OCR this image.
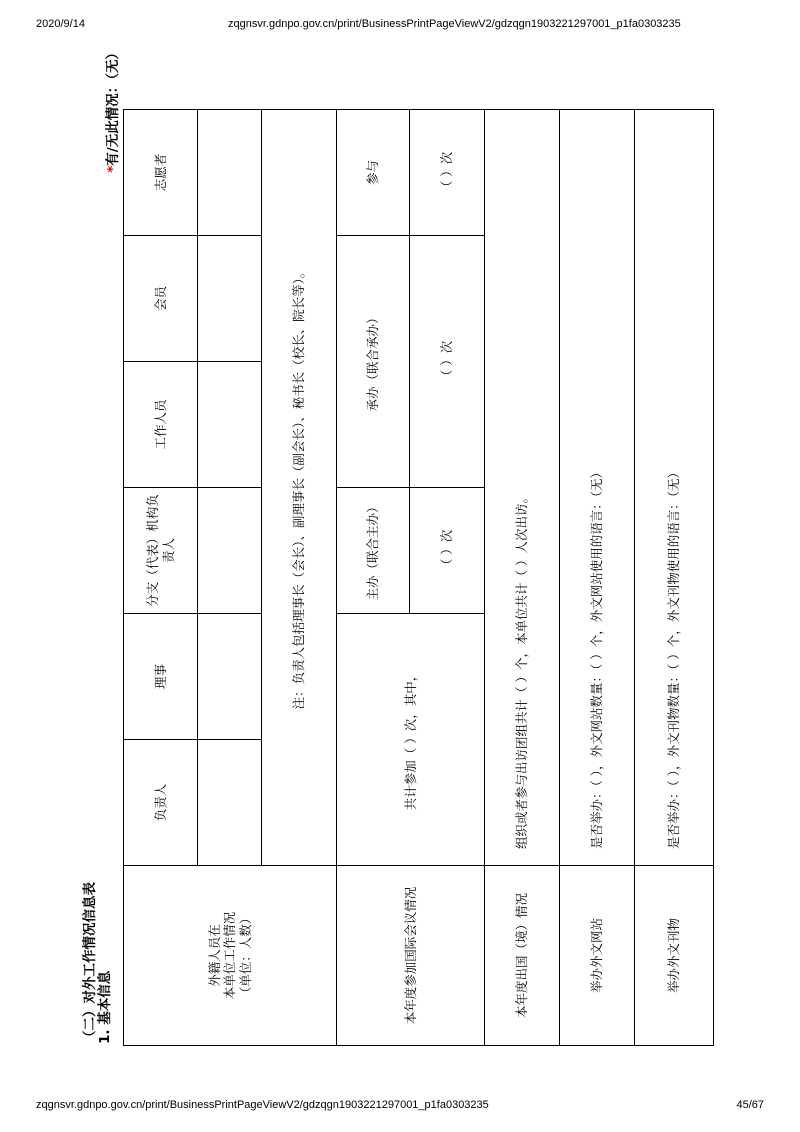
2020/9/14	zqgnsvr.gdnpo.gov.cn/print/BusinessPrintPageViewV2/gdzqgn1903221297001_p1fa0303235
（二）对外工作情况信息表 1. 基本信息
*有/无此情况：（无）
外籍人员在 本单位工作情况 （单位：人数）	负责人	理事	分支（代表）机构负责人	工作人员	会员	志愿者

	注：负责人包括理事长（会长）、副理事长（副会长）、秘书长（校长、院长等）。					
本年度参加国际会议情况	共计参加（ ）次，其中，		主办（联合主办）	承办（联合承办）		参与
			（ ）次	（ ）次		（ ）次
本年度出国（境）情况	组织或者参与出访团组共计（ ）个，本单位共计（ ）人次出访。					
举办外文网站	是否举办：（ ），外文网站数量：（ ）个，外文网站使用的语言：（无）					
举办外文刊物	是否举办：（ ），外文刊物数量：（ ）个，外文刊物使用的语言：（无）					
zqgnsvr.gdnpo.gov.cn/print/BusinessPrintPageViewV2/gdzqgn1903221297001_p1fa0303235	45/67
